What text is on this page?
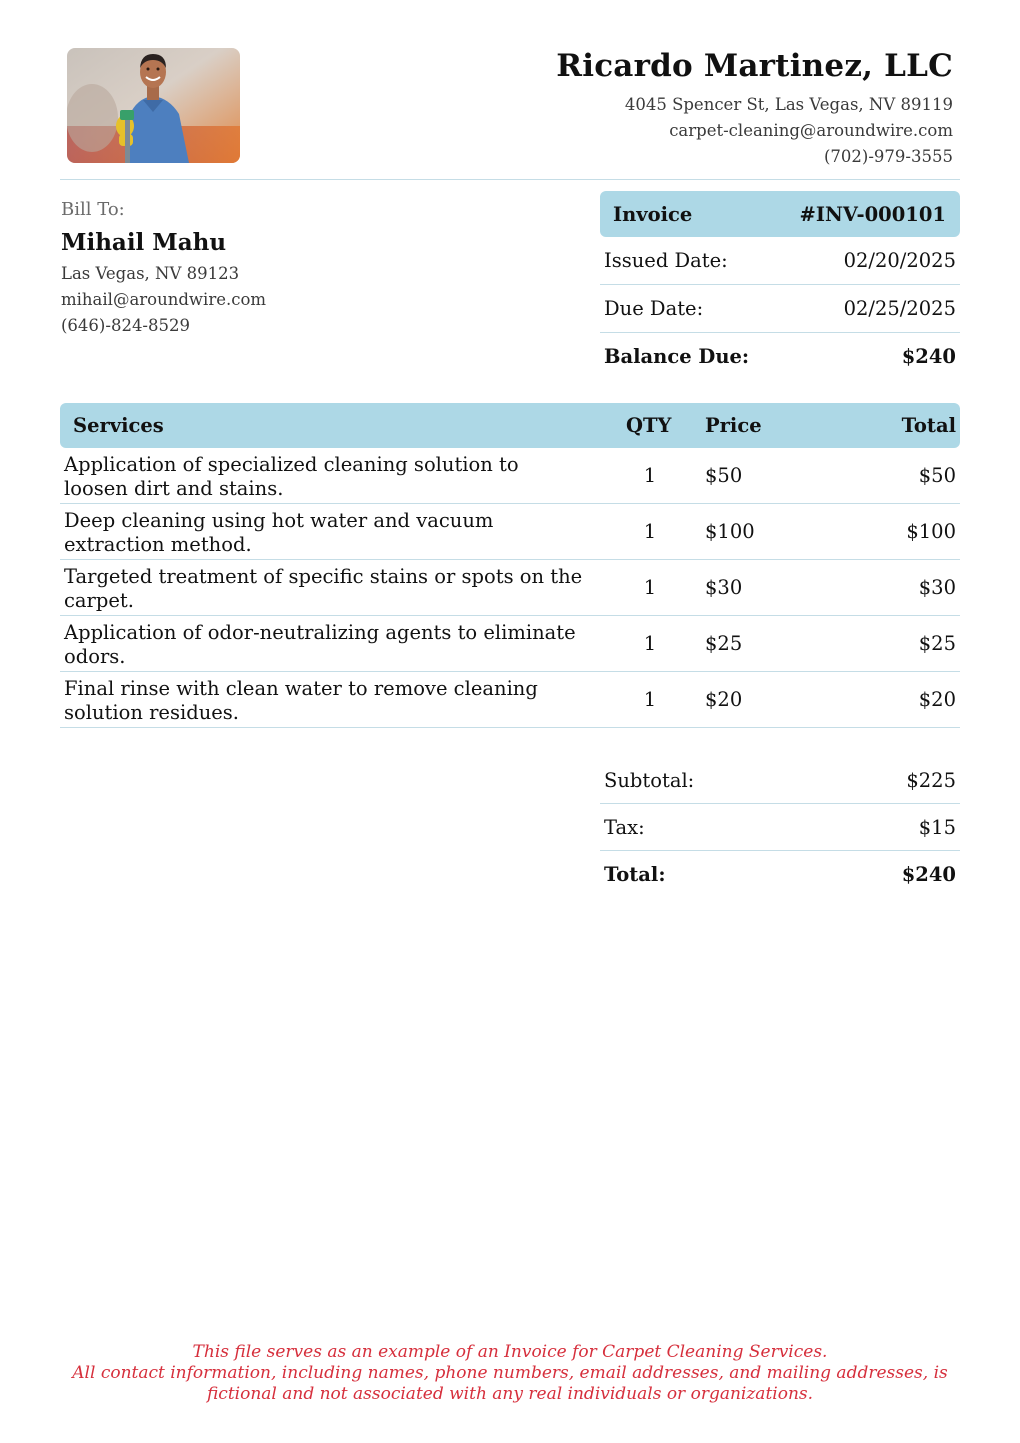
Ricardo Martinez, LLC
4045 Spencer St, Las Vegas, NV 89119
carpet-cleaning@aroundwire.com
(702)-979-3555
Bill To:
Mihail Mahu
Las Vegas, NV 89123
mihail@aroundwire.com
(646)-824-8529
Invoice	#INV-000101
Issued Date:	02/20/2025
Due Date:	02/25/2025
Balance Due:	$240
Services	QTY Price	Total
Application of specialized cleaning solution to loosen dirt and stains.
1	$50	$50
Deep cleaning using hot water and vacuum extraction method.
1	$100	$100
Targeted treatment of specific stains or spots on the carpet.
1	$30	$30
Application of odor-neutralizing agents to eliminate odors.
1	$25	$25
Final rinse with clean water to remove cleaning solution residues.
1	$20	$20
Subtotal:	$225
Tax:	$15
Total:	$240
This file serves as an example of an Invoice for Carpet Cleaning Services.
All contact information, including names, phone numbers, email addresses, and mailing addresses, is
fictional and not associated with any real individuals or organizations.
